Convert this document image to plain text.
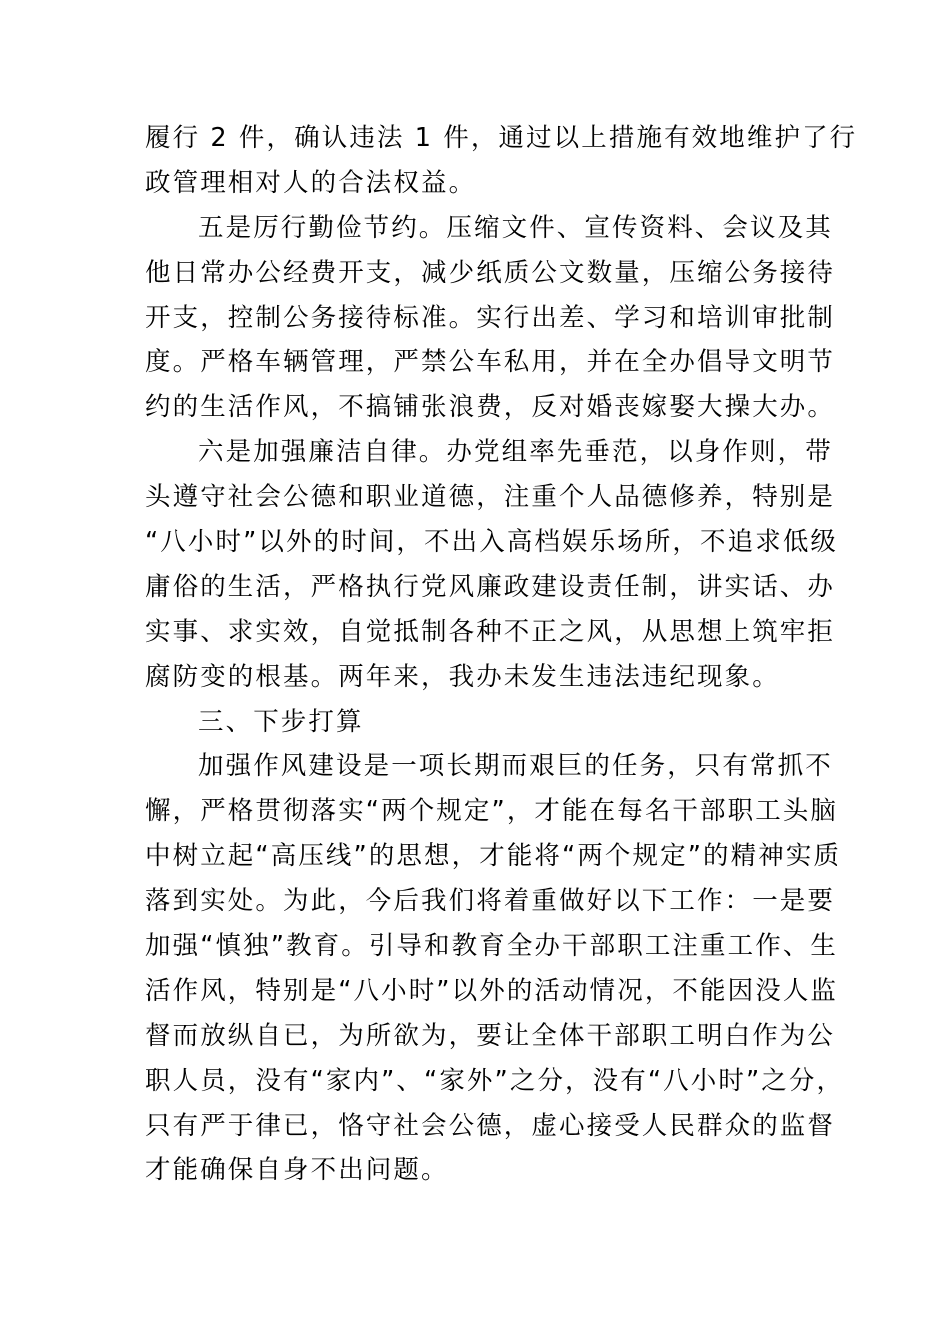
履行 2 件，确认违法 1 件，通过以上措施有效地维护了行
政管理相对人的合法权益。
五是厉行勤俭节约。压缩文件、宣传资料、会议及其
他日常办公经费开支，减少纸质公文数量，压缩公务接待
开支，控制公务接待标准。实行出差、学习和培训审批制
度。严格车辆管理，严禁公车私用，并在全办倡导文明节
约的生活作风，不搞铺张浪费，反对婚丧嫁娶大操大办。
六是加强廉洁自律。办党组率先垂范，以身作则，带
头遵守社会公德和职业道德，注重个人品德修养，特别是
“八小时”以外的时间，不出入高档娱乐场所，不追求低级
庸俗的生活，严格执行党风廉政建设责任制，讲实话、办
实事、求实效，自觉抵制各种不正之风，从思想上筑牢拒
腐防变的根基。两年来，我办未发生违法违纪现象。
三、下步打算
加强作风建设是一项长期而艰巨的任务，只有常抓不
懈，严格贯彻落实“两个规定”，才能在每名干部职工头脑
中树立起“高压线”的思想，才能将“两个规定”的精神实质
落到实处。为此，今后我们将着重做好以下工作：一是要
加强“慎独”教育。引导和教育全办干部职工注重工作、生
活作风，特别是“八小时”以外的活动情况，不能因没人监
督而放纵自已，为所欲为，要让全体干部职工明白作为公
职人员，没有“家内”、“家外”之分，没有“八小时”之分，
只有严于律已，恪守社会公德，虚心接受人民群众的监督
才能确保自身不出问题。
